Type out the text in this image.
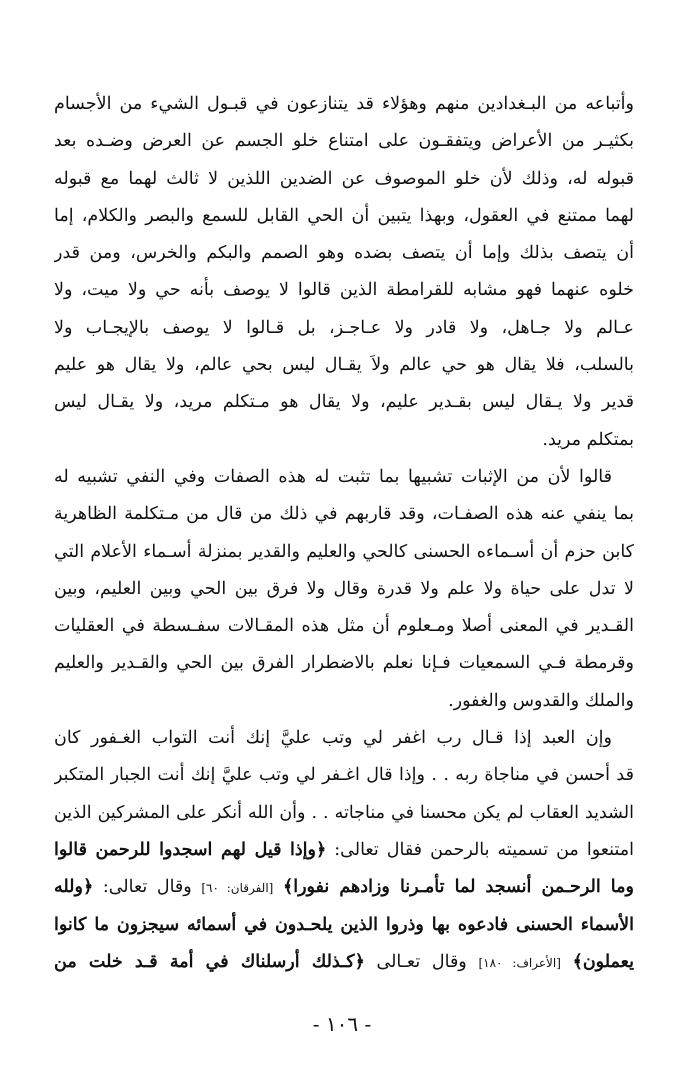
وأتباعه من البـغدادين منهم وهؤلاء قد يتنازعون في قبـول الشيء من الأجسام
بكثيـر من الأعراض ويتفقـون على امتناع خلو الجسم عن العرض وضـده بعد
قبوله له، وذلك لأن خلو الموصوف عن الضدين اللذين لا ثالث لهما مع قبوله
لهما ممتنع في العقول، وبهذا يتبين أن الحي القابل للسمع والبصر والكلام، إما
أن يتصف بذلك وإما أن يتصف بضده وهو الصمم والبكم والخرس، ومن قدر
خلوه عنهما فهو مشابه للقرامطة الذين قالوا لا يوصف بأنه حي ولا ميت، ولا
عـالم ولا جـاهل، ولا قادر ولا عـاجـز، بل قـالوا لا يوصف بالإيجـاب ولا
بالسلب، فلا يقال هو حي عالم ولاَ يقـال ليس بحي عالم، ولا يقال هو عليم
قدير ولا يـقال ليس بقـدير عليم، ولا يقال هو مـتكلم مريد، ولا يقـال ليس
بمتكلم مريد.
قالوا لأن من الإثبات تشبيها بما تثبت له هذه الصفات وفي النفي تشبيه له
بما ينفي عنه هذه الصفـات، وقد قاربهم في ذلك من قال من مـتكلمة الظاهرية
كابن حزم أن أسـماءه الحسنى كالحي والعليم والقدير بمنزلة أسـماء الأعلام التي
لا تدل على حياة ولا علم ولا قدرة وقال ولا فرق بين الحي وبين العليم، وبين
القـدير في المعنى أصلا ومـعلوم أن مثل هذه المقـالات سفـسطة في العقليات
وقرمطة فـي السمعيات فـإنا نعلم بالاضطرار الفرق بين الحي والقـدير والعليم
والملك والقدوس والغفور.
وإن العبد إذا قـال رب اغفر لي وتب عليَّ إنك أنت التواب الغـفور كان
قد أحسن في مناجاة ربه . . وإذا قال اغـفر لي وتب عليَّ إنك أنت الجبار المتكبر
الشديد العقاب لم يكن محسنا في مناجاته . . وأن الله أنكر على المشركين الذين
امتنعوا من تسميته بالرحمن فقال تعالى: ﴿وإذا قيل لهم اسجدوا للرحمن قالوا
وما الرحـمن أنسجد لما تأمـرنا وزادهم نفورا﴾ [الفرقان: ٦٠] وقال تعالى: ﴿ولله
الأسماء الحسنى فادعوه بها وذروا الذين يلحـدون في أسمائه سيجزون ما كانوا
يعملون﴾ [الأعراف: ١٨٠] وقال تعـالى ﴿كـذلك أرسلناك في أمة قـد خلت من
- ١٠٦ -
